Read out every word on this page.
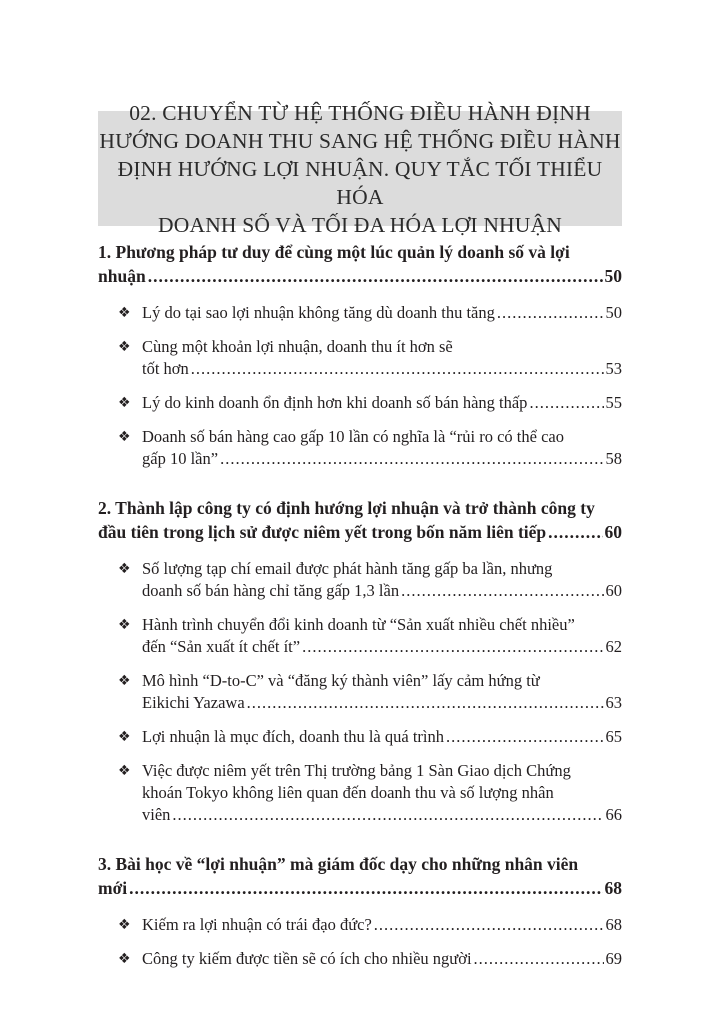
02. CHUYỂN TỪ HỆ THỐNG ĐIỀU HÀNH ĐỊNH
HƯỚNG DOANH THU SANG HỆ THỐNG ĐIỀU HÀNH
ĐỊNH HƯỚNG LỢI NHUẬN. QUY TẮC TỐI THIỂU HÓA
DOANH SỐ VÀ TỐI ĐA HÓA LỢI NHUẬN

1. Phương pháp tư duy để cùng một lúc quản lý doanh số và lợi
nhuận .....	50
❖ Lý do tại sao lợi nhuận không tăng dù doanh thu tăng .....	50
❖ Cùng một khoản lợi nhuận, doanh thu ít hơn sẽ
tốt hơn .....	53
❖ Lý do kinh doanh ổn định hơn khi doanh số bán hàng thấp .....	55
❖ Doanh số bán hàng cao gấp 10 lần có nghĩa là “rủi ro có thể cao
gấp 10 lần” .....	58
2. Thành lập công ty có định hướng lợi nhuận và trở thành công ty
đầu tiên trong lịch sử được niêm yết trong bốn năm liên tiếp .....	60
❖ Số lượng tạp chí email được phát hành tăng gấp ba lần, nhưng
doanh số bán hàng chỉ tăng gấp 1,3 lần .....	60
❖ Hành trình chuyển đổi kinh doanh từ “Sản xuất nhiều chết nhiều”
đến “Sản xuất ít chết ít” .....	62
❖ Mô hình “D-to-C” và “đăng ký thành viên” lấy cảm hứng từ
Eikichi Yazawa .....	63
❖ Lợi nhuận là mục đích, doanh thu là quá trình .....	65
❖ Việc được niêm yết trên Thị trường bảng 1 Sàn Giao dịch Chứng
khoán Tokyo không liên quan đến doanh thu và số lượng nhân
viên .....	66
3. Bài học về “lợi nhuận” mà giám đốc dạy cho những nhân viên
mới .....	68
❖ Kiếm ra lợi nhuận có trái đạo đức? .....	68
❖ Công ty kiếm được tiền sẽ có ích cho nhiều người .....	69
